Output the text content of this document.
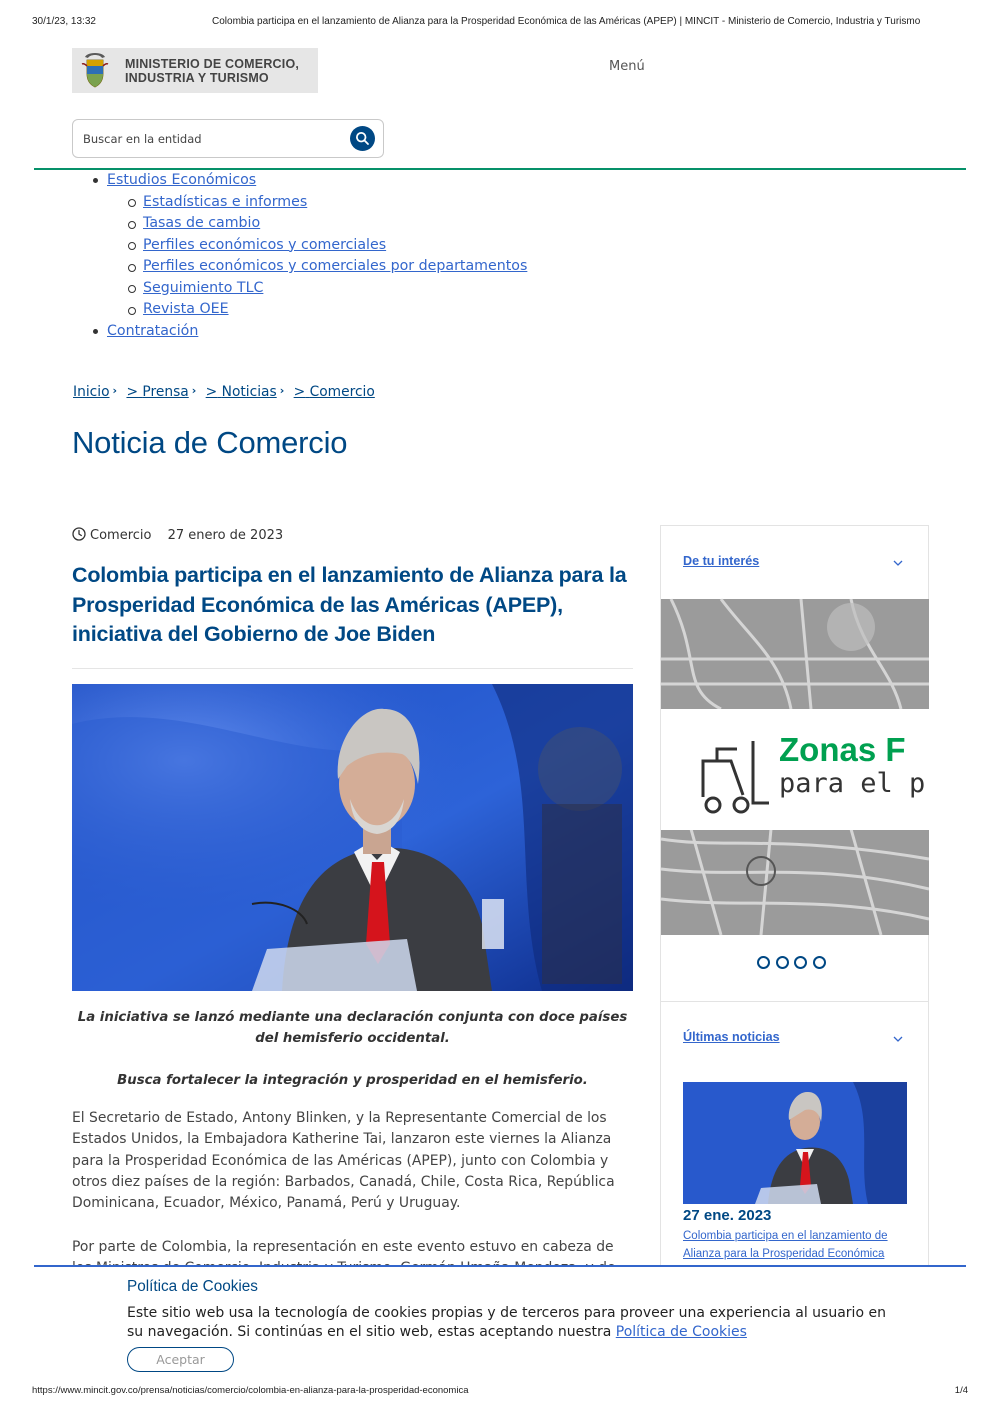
30/1/23, 13:32	Colombia participa en el lanzamiento de Alianza para la Prosperidad Económica de las Américas (APEP) | MINCIT - Ministerio de Comercio, Industria y Turismo
MINISTERIO DE COMERCIO,
INDUSTRIA Y TURISMO
Menú
Buscar en la entidad
Estudios Económicos
Estadísticas e informes
Tasas de cambio
Perfiles económicos y comerciales
Perfiles económicos y comerciales por departamentos
Seguimiento TLC
Revista OEE
Contratación
Inicio › > Prensa › > Noticias › > Comercio
Noticia de Comercio
Comercio 27 enero de 2023
Colombia participa en el lanzamiento de Alianza para la Prosperidad Económica de las Américas (APEP), iniciativa del Gobierno de Joe Biden
La iniciativa se lanzó mediante una declaración conjunta con doce países del hemisferio occidental.
Busca fortalecer la integración y prosperidad en el hemisferio.

El Secretario de Estado, Antony Blinken, y la Representante Comercial de los Estados Unidos, la Embajadora Katherine Tai, lanzaron este viernes la Alianza para la Prosperidad Económica de las Américas (APEP), junto con Colombia y otros diez países de la región: Barbados, Canadá, Chile, Costa Rica, República Dominicana, Ecuador, México, Panamá, Perú y Uruguay.

Por parte de Colombia, la representación en este evento estuvo en cabeza de

De tu interés
Zonas F
para el p
Últimas noticias
27 ene. 2023
Colombia participa en el lanzamiento de Alianza para la Prosperidad Económica
Política de Cookies
Este sitio web usa la tecnología de cookies propias y de terceros para proveer una experiencia al usuario en su navegación. Si continúas en el sitio web, estas aceptando nuestra Política de Cookies
Aceptar
https://www.mincit.gov.co/prensa/noticias/comercio/colombia-en-alianza-para-la-prosperidad-economica	1/4
